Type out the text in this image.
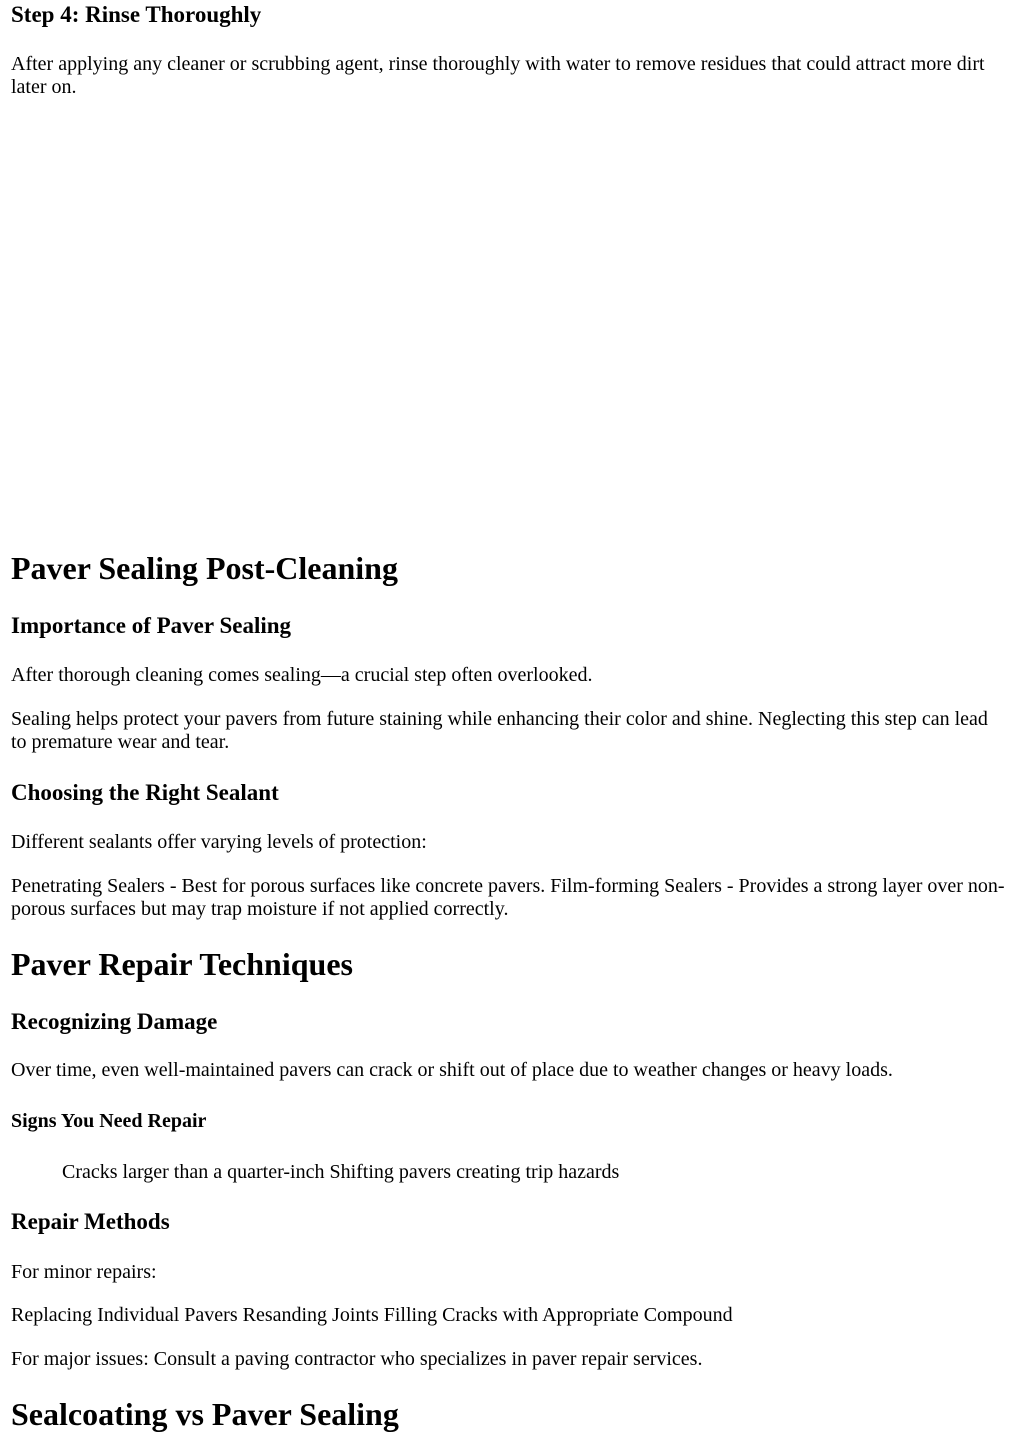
Step 4: Rinse Thoroughly

After applying any cleaner or scrubbing agent, rinse thoroughly with water to remove residues that could attract more dirt later on.

Paver Sealing Post-Cleaning
Importance of Paver Sealing

After thorough cleaning comes sealing—a crucial step often overlooked.

Sealing helps protect your pavers from future staining while enhancing their color and shine. Neglecting this step can lead to premature wear and tear.

Choosing the Right Sealant

Different sealants offer varying levels of protection:

Penetrating Sealers - Best for porous surfaces like concrete pavers. Film-forming Sealers - Provides a strong layer over non-porous surfaces but may trap moisture if not applied correctly.

Paver Repair Techniques
Recognizing Damage

Over time, even well-maintained pavers can crack or shift out of place due to weather changes or heavy loads.

Signs You Need Repair

Cracks larger than a quarter-inch Shifting pavers creating trip hazards

Repair Methods

For minor repairs:

Replacing Individual Pavers Resanding Joints Filling Cracks with Appropriate Compound

For major issues: Consult a paving contractor who specializes in paver repair services.

Sealcoating vs Paver Sealing
